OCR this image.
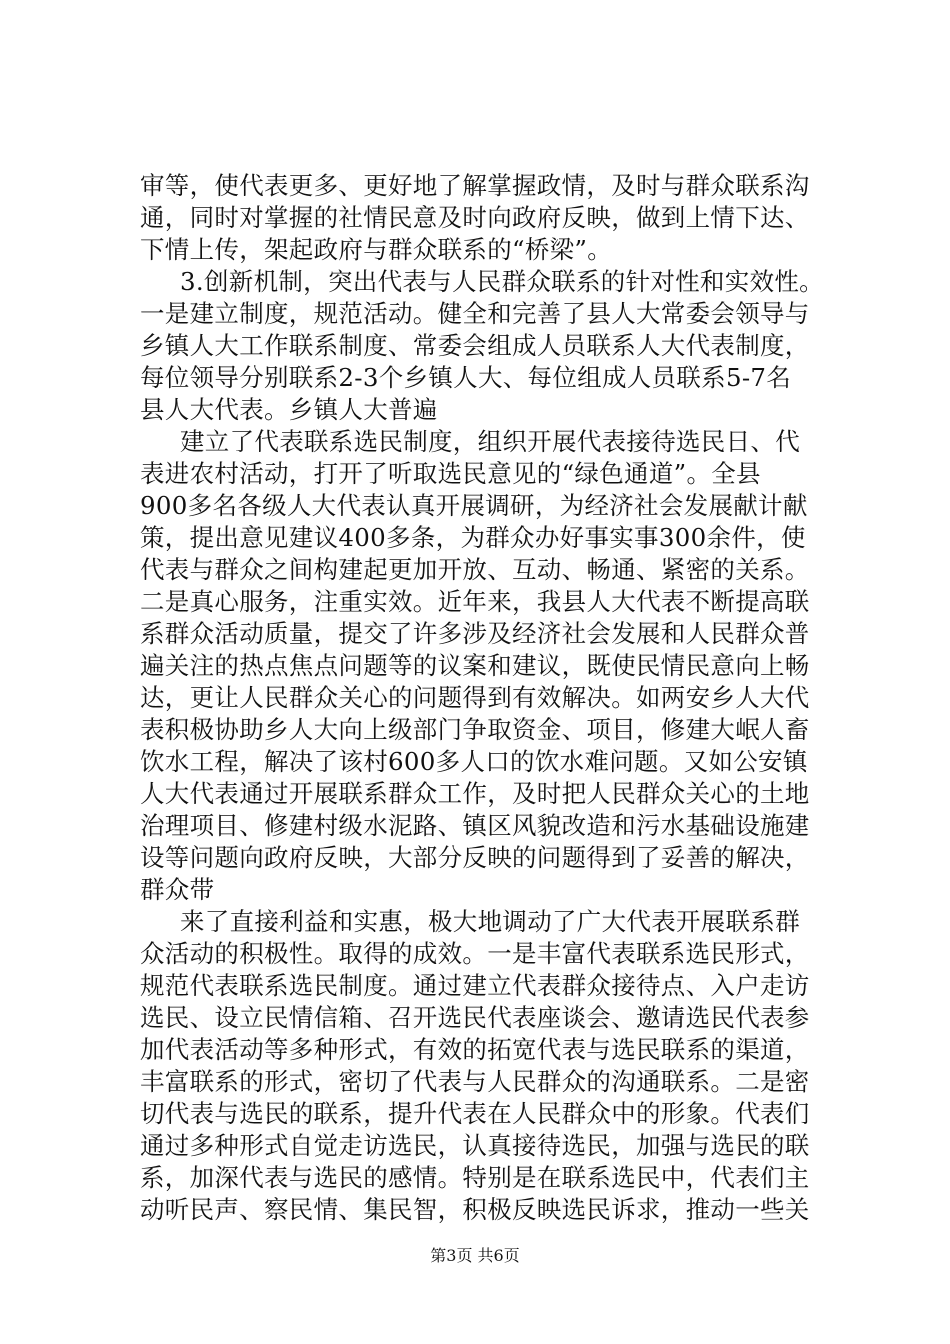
审等，使代表更多、更好地了解掌握政情，及时与群众联系沟
通，同时对掌握的社情民意及时向政府反映，做到上情下达、
下情上传，架起政府与群众联系的“桥梁”。
3.创新机制，突出代表与人民群众联系的针对性和实效性。
一是建立制度，规范活动。健全和完善了县人大常委会领导与
乡镇人大工作联系制度、常委会组成人员联系人大代表制度，
每位领导分别联系2-3个乡镇人大、每位组成人员联系5-7名
县人大代表。乡镇人大普遍
建立了代表联系选民制度，组织开展代表接待选民日、代
表进农村活动，打开了听取选民意见的“绿色通道”。全县
900多名各级人大代表认真开展调研，为经济社会发展献计献
策，提出意见建议400多条，为群众办好事实事300余件，使
代表与群众之间构建起更加开放、互动、畅通、紧密的关系。
二是真心服务，注重实效。近年来，我县人大代表不断提高联
系群众活动质量，提交了许多涉及经济社会发展和人民群众普
遍关注的热点焦点问题等的议案和建议，既使民情民意向上畅
达，更让人民群众关心的问题得到有效解决。如两安乡人大代
表积极协助乡人大向上级部门争取资金、项目，修建大岷人畜
饮水工程，解决了该村600多人口的饮水难问题。又如公安镇
人大代表通过开展联系群众工作，及时把人民群众关心的土地
治理项目、修建村级水泥路、镇区风貌改造和污水基础设施建
设等问题向政府反映，大部分反映的问题得到了妥善的解决，
群众带
来了直接利益和实惠，极大地调动了广大代表开展联系群
众活动的积极性。取得的成效。一是丰富代表联系选民形式，
规范代表联系选民制度。通过建立代表群众接待点、入户走访
选民、设立民情信箱、召开选民代表座谈会、邀请选民代表参
加代表活动等多种形式，有效的拓宽代表与选民联系的渠道，
丰富联系的形式，密切了代表与人民群众的沟通联系。二是密
切代表与选民的联系，提升代表在人民群众中的形象。代表们
通过多种形式自觉走访选民，认真接待选民，加强与选民的联
系，加深代表与选民的感情。特别是在联系选民中，代表们主
动听民声、察民情、集民智，积极反映选民诉求，推动一些关
第3页 共6页
